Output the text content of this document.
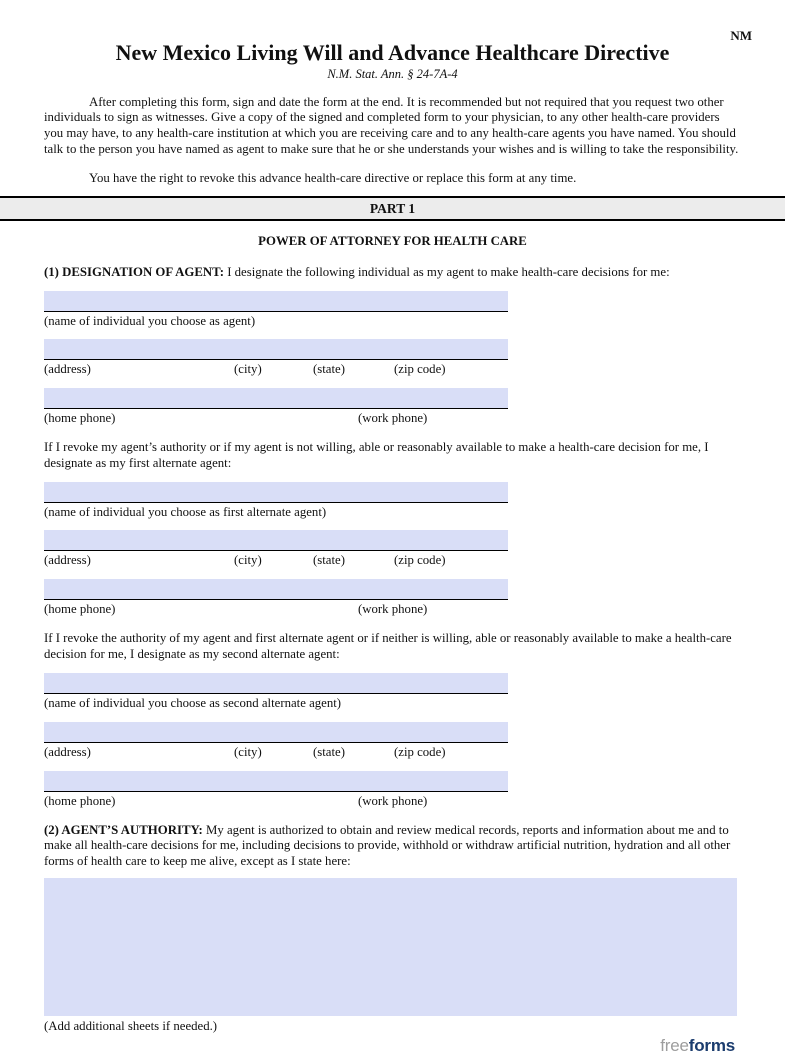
NM
New Mexico Living Will and Advance Healthcare Directive
N.M. Stat. Ann. § 24-7A-4

After completing this form, sign and date the form at the end. It is recommended but not required that you request two other individuals to sign as witnesses. Give a copy of the signed and completed form to your physician, to any other health-care providers you may have, to any health-care institution at which you are receiving care and to any health-care agents you have named. You should talk to the person you have named as agent to make sure that he or she understands your wishes and is willing to take the responsibility.

You have the right to revoke this advance health-care directive or replace this form at any time.

PART 1
POWER OF ATTORNEY FOR HEALTH CARE

(1) DESIGNATION OF AGENT: I designate the following individual as my agent to make health-care decisions for me:

(name of individual you choose as agent)
(address)	(city)	(state)	(zip code)
(home phone)	(work phone)

If I revoke my agent’s authority or if my agent is not willing, able or reasonably available to make a health-care decision for me, I designate as my first alternate agent:

(name of individual you choose as first alternate agent)
(address)	(city)	(state)	(zip code)
(home phone)	(work phone)

If I revoke the authority of my agent and first alternate agent or if neither is willing, able or reasonably available to make a health-care decision for me, I designate as my second alternate agent:

(name of individual you choose as second alternate agent)
(address)	(city)	(state)	(zip code)
(home phone)	(work phone)

(2) AGENT’S AUTHORITY: My agent is authorized to obtain and review medical records, reports and information about me and to make all health-care decisions for me, including decisions to provide, withhold or withdraw artificial nutrition, hydration and all other forms of health care to keep me alive, except as I state here:

(Add additional sheets if needed.)

freeforms
